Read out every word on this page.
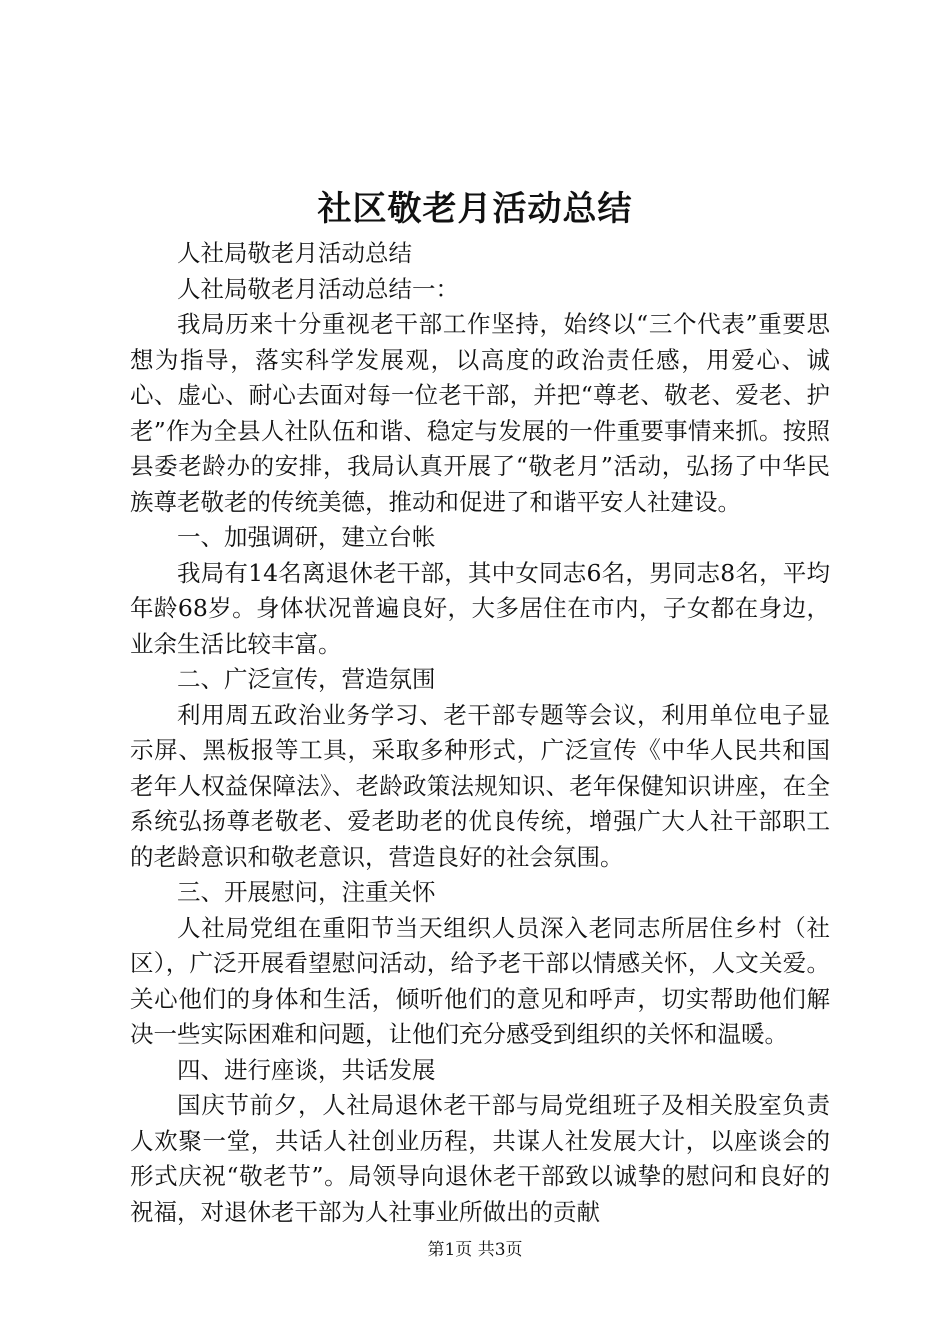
社区敬老月活动总结

人社局敬老月活动总结

人社局敬老月活动总结一：

我局历来十分重视老干部工作坚持，始终以“三个代表”重要思想为指导，落实科学发展观，以高度的政治责任感，用爱心、诚心、虚心、耐心去面对每一位老干部，并把“尊老、敬老、爱老、护老”作为全县人社队伍和谐、稳定与发展的一件重要事情来抓。按照县委老龄办的安排，我局认真开展了“敬老月”活动，弘扬了中华民族尊老敬老的传统美德，推动和促进了和谐平安人社建设。

一、加强调研，建立台帐

我局有14名离退休老干部，其中女同志6名，男同志8名，平均年龄68岁。身体状况普遍良好，大多居住在市内，子女都在身边，业余生活比较丰富。

二、广泛宣传，营造氛围

利用周五政治业务学习、老干部专题等会议，利用单位电子显示屏、黑板报等工具，采取多种形式，广泛宣传《中华人民共和国老年人权益保障法》、老龄政策法规知识、老年保健知识讲座，在全系统弘扬尊老敬老、爱老助老的优良传统，增强广大人社干部职工的老龄意识和敬老意识，营造良好的社会氛围。

三、开展慰问，注重关怀

人社局党组在重阳节当天组织人员深入老同志所居住乡村（社区），广泛开展看望慰问活动，给予老干部以情感关怀，人文关爱。关心他们的身体和生活，倾听他们的意见和呼声，切实帮助他们解决一些实际困难和问题，让他们充分感受到组织的关怀和温暖。

四、进行座谈，共话发展

国庆节前夕，人社局退休老干部与局党组班子及相关股室负责人欢聚一堂，共话人社创业历程，共谋人社发展大计，以座谈会的形式庆祝“敬老节”。局领导向退休老干部致以诚挚的慰问和良好的祝福，对退休老干部为人社事业所做出的贡献

第1页 共3页
